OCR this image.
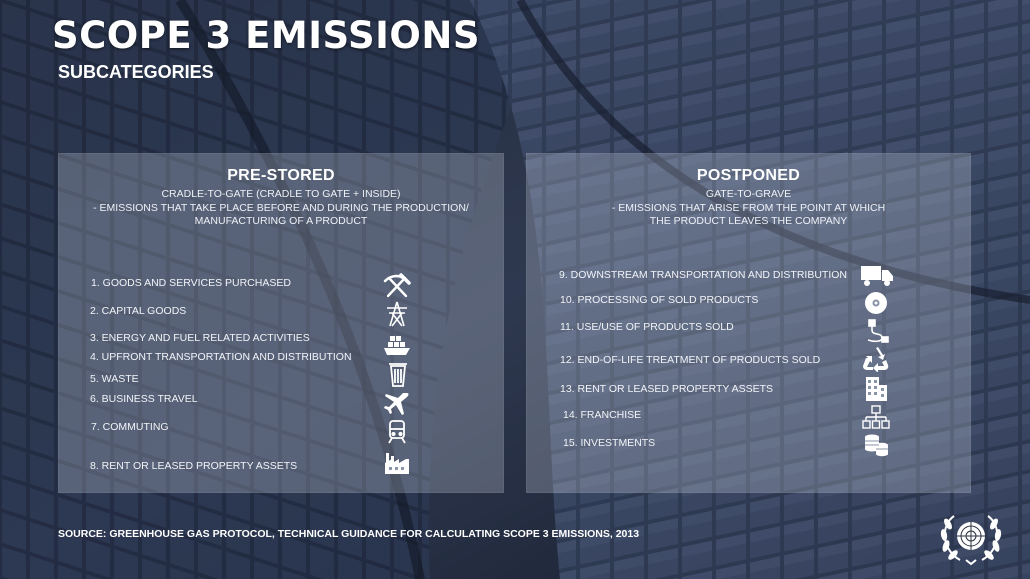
SCOPE 3 EMISSIONS
SUBCATEGORIES
PRE-STORED
CRADLE-TO-GATE (CRADLE TO GATE + INSIDE)
- EMISSIONS THAT TAKE PLACE BEFORE AND DURING THE PRODUCTION/
MANUFACTURING OF A PRODUCT
1. GOODS AND SERVICES PURCHASED
2. CAPITAL GOODS
3. ENERGY AND FUEL RELATED ACTIVITIES
4. UPFRONT TRANSPORTATION AND DISTRIBUTION
5. WASTE
6. BUSINESS TRAVEL
7. COMMUTING
8. RENT OR LEASED PROPERTY ASSETS
POSTPONED
GATE-TO-GRAVE
- EMISSIONS THAT ARISE FROM THE POINT AT WHICH
THE PRODUCT LEAVES THE COMPANY
9. DOWNSTREAM TRANSPORTATION AND DISTRIBUTION
10. PROCESSING OF SOLD PRODUCTS
11. USE/USE OF PRODUCTS SOLD
12. END-OF-LIFE TREATMENT OF PRODUCTS SOLD
13. RENT OR LEASED PROPERTY ASSETS
14. FRANCHISE
15. INVESTMENTS
SOURCE: GREENHOUSE GAS PROTOCOL, TECHNICAL GUIDANCE FOR CALCULATING SCOPE 3 EMISSIONS, 2013
